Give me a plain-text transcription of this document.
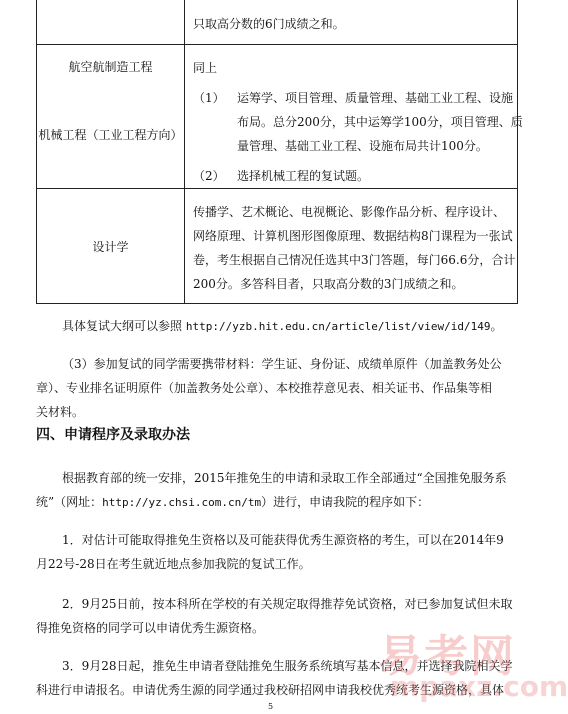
只取高分数的6门成绩之和。
航空航制造工程
机械工程（工业工程方向）
同上
（1） 运筹学、项目管理、质量管理、基础工业工程、设施
布局。总分200分，其中运筹学100分，项目管理、质
量管理、基础工业工程、设施布局共计100分。
（2） 选择机械工程的复试题。
设计学
传播学、艺术概论、电视概论、影像作品分析、程序设计、
网络原理、计算机图形图像原理、数据结构8门课程为一张试
卷，考生根据自己情况任选其中3门答题，每门66.6分，合计
200分。多答科目者，只取高分数的3门成绩之和。
具体复试大纲可以参照 http://yzb.hit.edu.cn/article/list/view/id/149。
（3）参加复试的同学需要携带材料：学生证、身份证、成绩单原件（加盖教务处公
章）、专业排名证明原件（加盖教务处公章）、本校推荐意见表、相关证书、作品集等相
关材料。
四、申请程序及录取办法
根据教育部的统一安排，2015年推免生的申请和录取工作全部通过“全国推免服务系
统”（网址：http://yz.chsi.com.cn/tm）进行，申请我院的程序如下：
1．对估计可能取得推免生资格以及可能获得优秀生源资格的考生，可以在2014年9
月22号-28日在考生就近地点参加我院的复试工作。
2．9月25日前，按本科所在学校的有关规定取得推荐免试资格，对已参加复试但未取
得推免资格的同学可以申请优秀生源资格。
3．9月28日起，推免生申请者登陆推免生服务系统填写基本信息，并选择我院相关学
科进行申请报名。申请优秀生源的同学通过我校研招网申请我校优秀统考生源资格，具体
5
易考网
mpaxz.com
